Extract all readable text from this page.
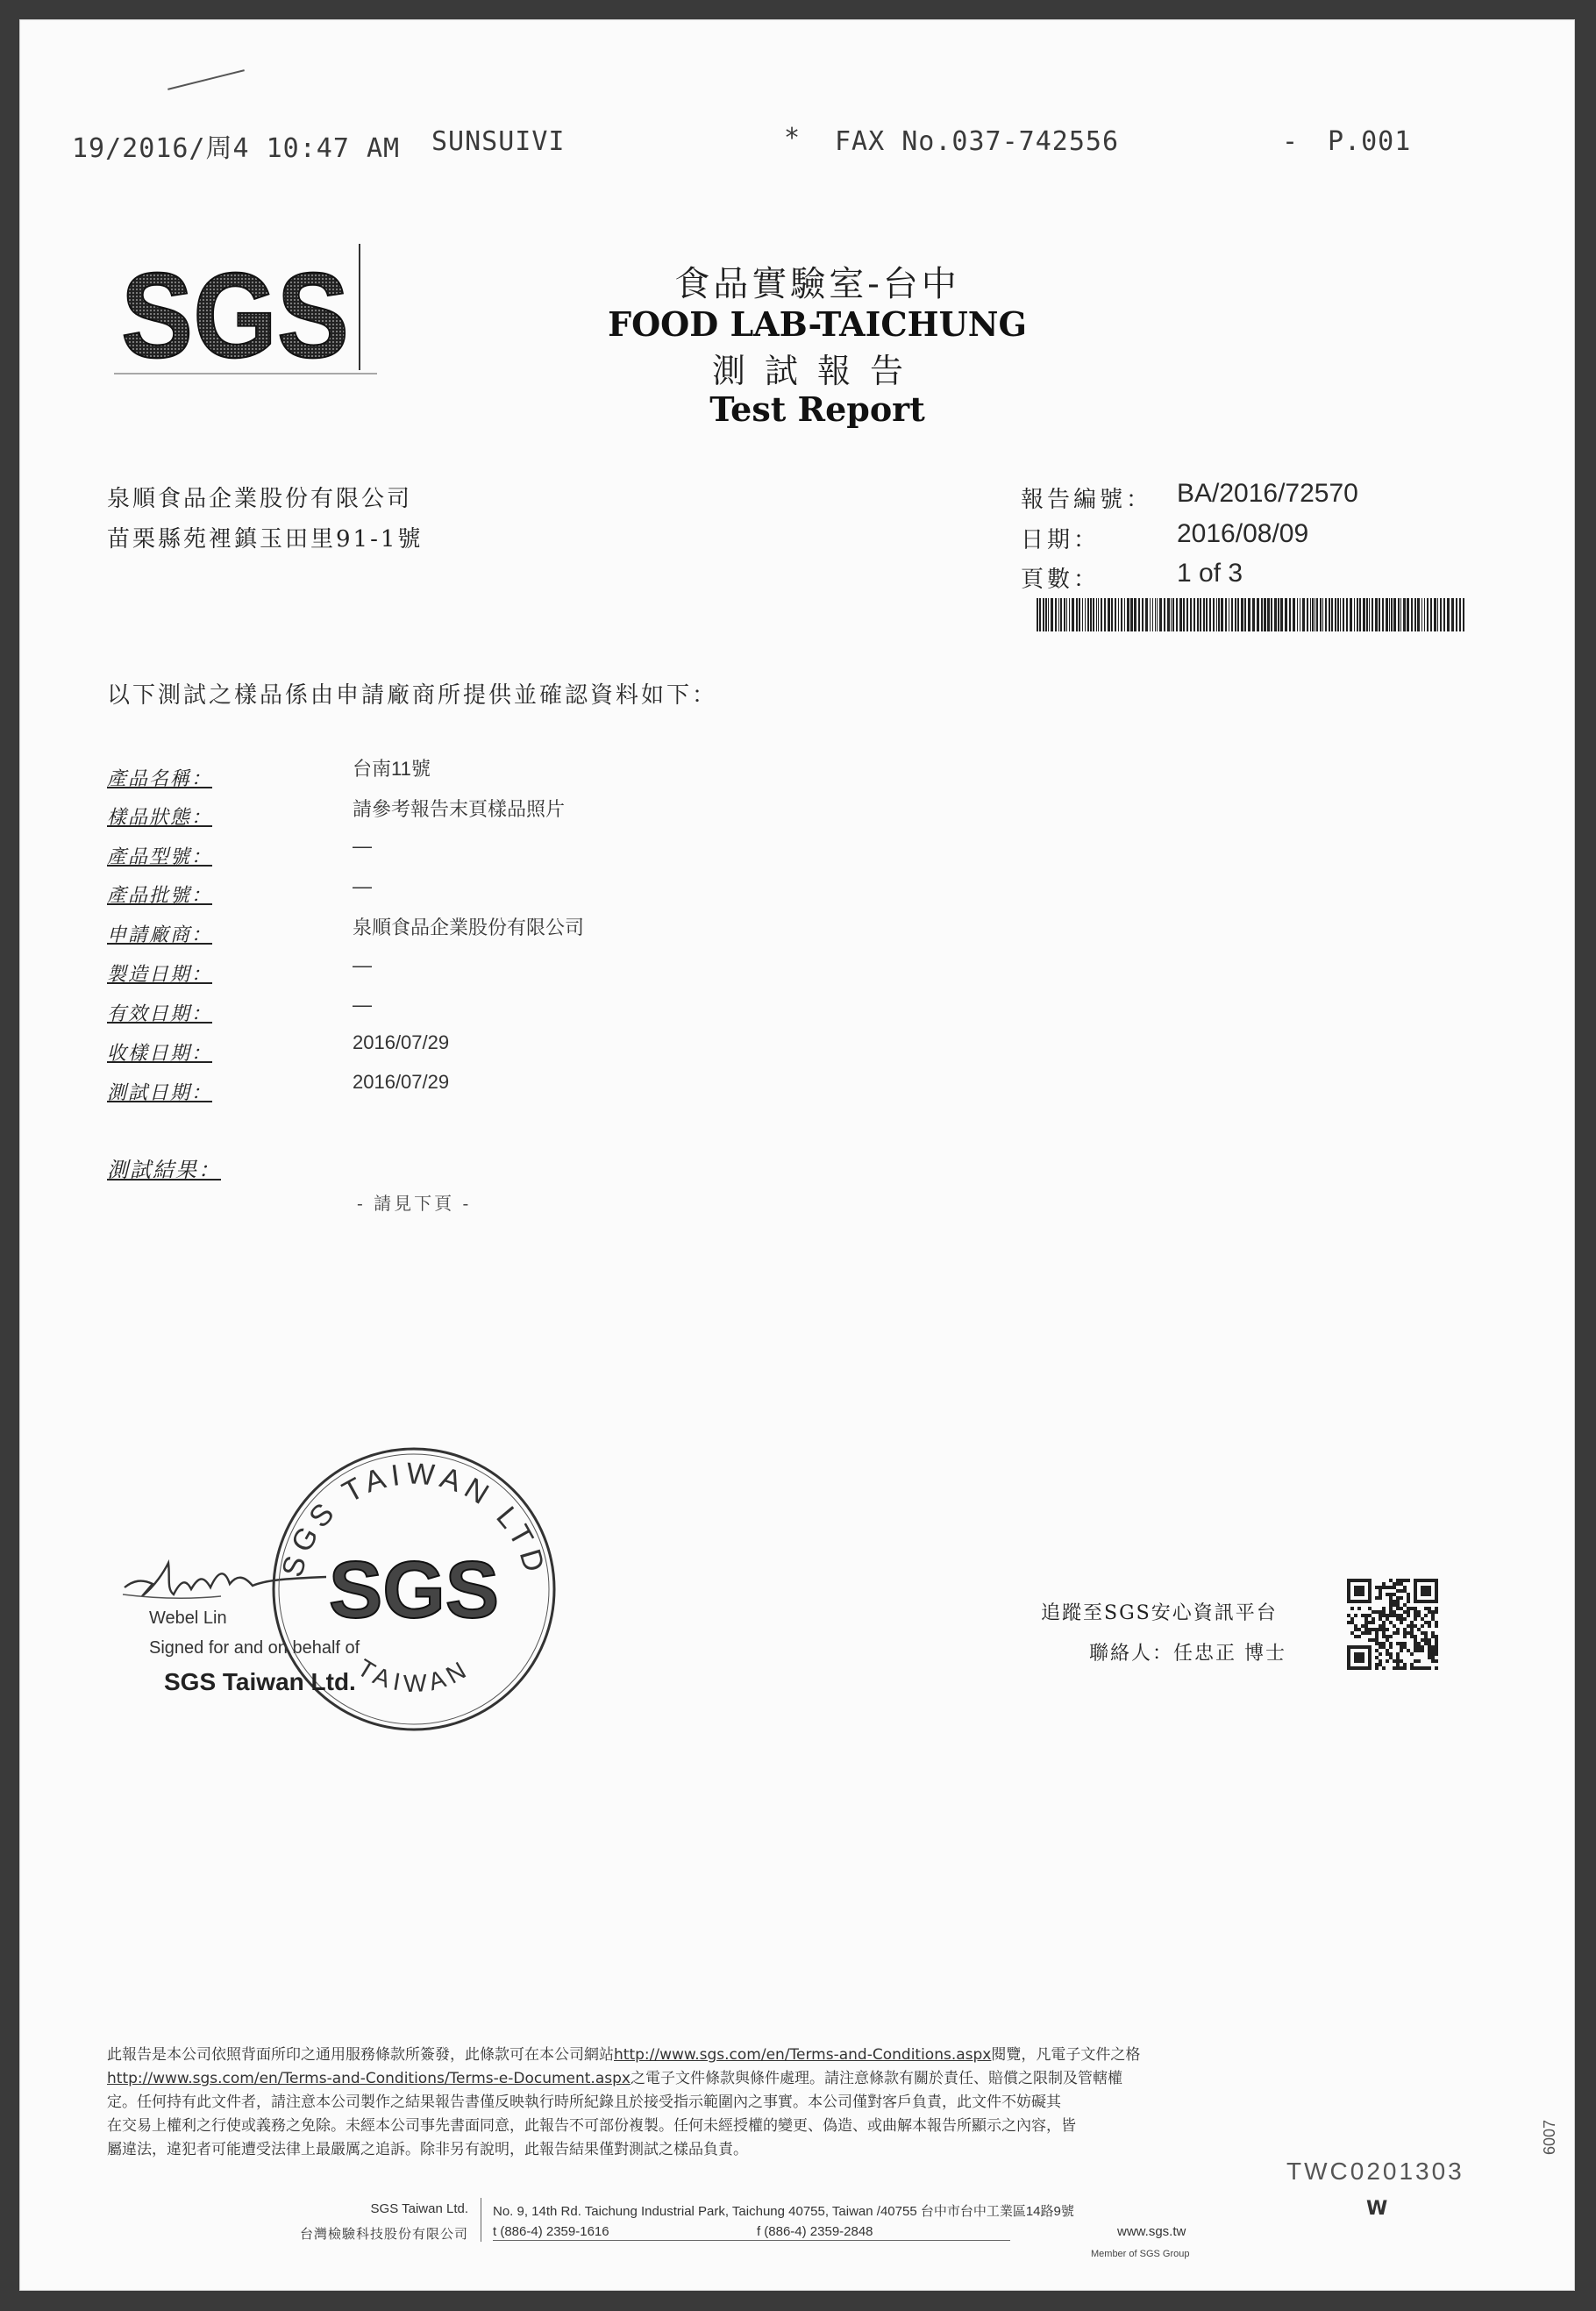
19/2016/周4 10:47 AM SUNSUIVI	* FAX No.037-742556	- P.001
SGS	食品實驗室-台中
FOOD LAB-TAICHUNG
測試報告
Test Report
泉順食品企業股份有限公司
苗栗縣苑裡鎮玉田里91-1號
報告編號： BA/2016/72570
日期：	2016/08/09
頁數：	1 of 3
以下測試之樣品係由申請廠商所提供並確認資料如下：
產品名稱：	台南11號
樣品狀態：	請參考報告末頁樣品照片
產品型號：
—
產品批號：	—
申請廠商：	泉順食品企業股份有限公司
製造日期：	—
有效日期：	—
收樣日期：
2016/07/29
測試日期：
2016/07/29
測試結果：
- 請見下頁 -
SGS TAIWAN LTD
TAIWAN
SGS
Webel Lin
Signed for and on behalf of
SGS Taiwan Ltd.
追蹤至SGS安心資訊平台
聯絡人：任忠正 博士
此報告是本公司依照背面所印之通用服務條款所簽發，此條款可在本公司網站http://www.sgs.com/en/Terms-and-Conditions.aspx閱覽，凡電子文件之格
http://www.sgs.com/en/Terms-and-Conditions/Terms-e-Document.aspx之電子文件條款與條件處理。請注意條款有關於責任、賠償之限制及管轄權
定。任何持有此文件者，請注意本公司製作之結果報告書僅反映執行時所紀錄且於接受指示範圍內之事實。本公司僅對客戶負責，此文件不妨礙其
在交易上權利之行使或義務之免除。未經本公司事先書面同意，此報告不可部份複製。任何未經授權的變更、偽造、或曲解本報告所顯示之內容，皆
屬違法，違犯者可能遭受法律上最嚴厲之追訴。除非另有說明，此報告結果僅對測試之樣品負責。
TWC0201303
6007
SGS Taiwan Ltd.
台灣檢驗科技股份有限公司
No. 9, 14th Rd. Taichung Industrial Park, Taichung 40755, Taiwan /40755 台中市台中工業區14路9號
t (886-4) 2359-1616	f (886-4) 2359-2848	www.sgs.tw
Member of SGS Group
W
